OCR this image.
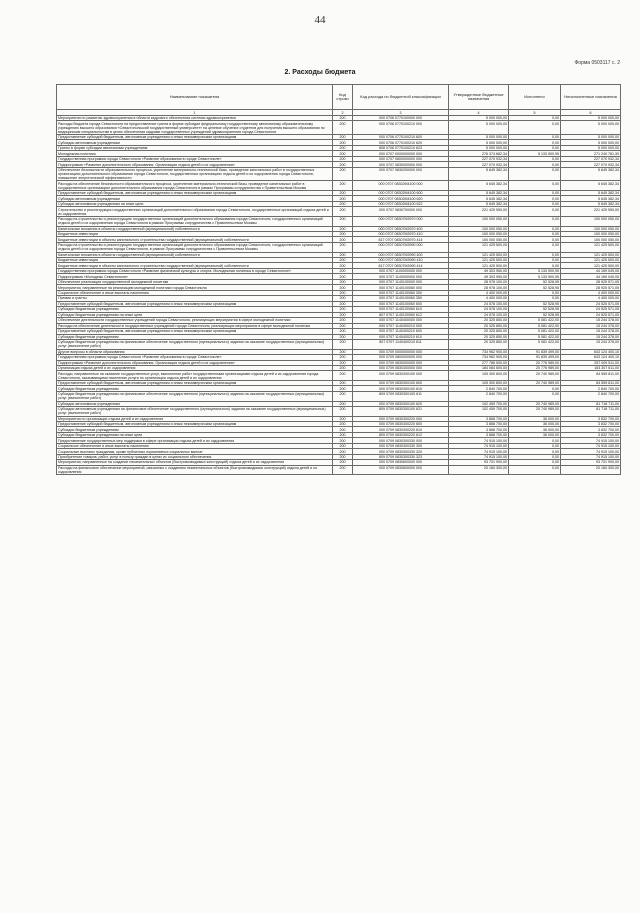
44
Форма 0503117 с. 2
2. Расходы бюджета
Наименование показателя	Код строки	Код расхода по бюджетной классификации	Утвержденные бюджетные назначения	Исполнено	Неисполненные назначения
1	2	3	4	5	6
Мероприятия по развитию здравоохранения в области кадрового обеспечения системы здравоохранения	200	000 0706 0770100000 000	5 000 000,00	0,00	5 000 000,00
Расходы бюджета города Севастополя на предоставление гранта в форме субсидии федеральному государственному автономному образовательному учреждению высшего образования «Севастопольский государственный университет» на целевое обучение студентов для получения высшего образования по медицинским специальностям в целях обеспечения кадрами государственных учреждений здравоохранения города Севастополя	200	000 0706 0770100210 000	5 000 000,00	0,00	5 000 000,00
Предоставление субсидий бюджетным, автономным учреждениям и иным некоммерческим организациям	200	000 0706 0770100210 600	5 000 000,00	0,00	5 000 000,00
Субсидии автономным учреждениям	200	000 0706 0770100210 620	5 000 000,00	0,00	5 000 000,00
Гранты в форме субсидии автономным учреждениям	200	808 0706 0770100210 623	5 000 000,00	0,00	5 000 000,00
Молодежная политика	200	000 0707 0000000000 000	276 374 682,34	5 133 900,95	271 240 781,39
Государственная программа города Севастополя «Развитие образования в городе Севастополе»	200	000 0707 0800000000 000	227 070 932,34	0,00	227 070 932,34
Подпрограмма «Развитие дополнительного образования. Организация отдыха детей и их оздоровления»	200	000 0707 0830000000 000	227 070 932,34	0,00	227 070 932,34
Обеспечение безопасности образовательного процесса, укрепление материально-технической базы, проведение капитальных работ в государственных организациях дополнительного образования города Севастополя, государственных организациях отдыха детей и их оздоровления города Севастополя, повышение энергетической эффективности	200	000 0707 0830200000 000	5 645 382,34	0,00	5 645 382,34
Расходы на обеспечение безопасности образовательного процесса, укрепление материально-технической базы, проведение капитальных работ в государственных организациях дополнительного образования города Севастополя в рамках Программы сотрудничества с Правительством Москвы	200	000 0707 08302М4100 000	5 645 382,34	0,00	5 645 382,34
Предоставление субсидий бюджетным, автономным учреждениям и иным некоммерческим организациям	200	000 0707 08302М4100 600	5 645 382,34	0,00	5 645 382,34
Субсидии автономным учреждениям	200	000 0707 08302М4100 620	5 645 382,34	0,00	5 645 382,34
Субсидии автономным учреждениям на иные цели	200	000 0707 08302М4100 622	5 645 382,34	0,00	5 645 382,34
Строительство и реконструкция государственных организаций дополнительного образования города Севастополя, государственных организаций отдыха детей и их оздоровления	200	000 0707 0830700000 000	221 425 550,00	0,00	221 425 550,00
Расходы на строительство и реконструкцию государственных организаций дополнительного образования города Севастополя, государственных организаций отдыха детей и их оздоровления города Севастополя в рамках Программы сотрудничества с Правительством Москвы	200	000 0707 08307М3970 000	100 000 050,00	0,00	100 000 050,00
Капитальные вложения в объекты государственной (муниципальной) собственности	200	000 0707 08307М3970 400	100 000 050,00	0,00	100 000 050,00
Бюджетные инвестиции	200	000 0707 08307М3970 410	100 000 050,00	0,00	100 000 050,00
Бюджетные инвестиции в объекты капитального строительства государственной (муниципальной) собственности	200	817 0707 08307М3970 414	100 000 050,00	0,00	100 000 050,00
Расходы на строительство и реконструкцию государственных организаций дополнительного образования города Севастополя, государственных организаций отдыха детей и их оздоровления города Севастополя, в рамках Программы сотрудничества с Правительством Москвы	200	000 0707 08307М3990 000	121 425 500,00	0,00	121 425 500,00
Капитальные вложения в объекты государственной (муниципальной) собственности	200	000 0707 08307М3990 400	121 425 500,00	0,00	121 425 500,00
Бюджетные инвестиции	200	000 0707 08307М3990 410	121 425 500,00	0,00	121 425 500,00
Бюджетные инвестиции в объекты капитального строительства государственной (муниципальной) собственности	200	817 0707 08307М3990 414	121 425 500,00	0,00	121 425 500,00
Государственная программа города Севастополя «Развитие физической культуры и спорта. Молодежная политика в городе Севастополе»	200	000 0707 1100000000 000	49 303 950,00	5 133 900,95	44 169 049,05
Подпрограмма «Молодежь Севастополя»	200	000 0707 1140000000 000	49 303 950,00	5 133 900,95	44 169 049,05
Обеспечение реализации государственной молодежной политики	200	000 0707 1140100000 000	28 978 100,00	52 528,95	28 925 571,05
Мероприятия, направленные на реализацию молодежной политики города Севастополя	200	000 0707 1140100060 000	28 978 100,00	52 528,95	28 925 571,05
Социальное обеспечение и иные выплаты населению	200	000 0707 1140100060 300	4 400 000,00	0,00	4 400 000,00
Премии и гранты	200	000 0707 1140100060 350	4 400 000,00	0,00	4 400 000,00
Предоставление субсидий бюджетным, автономным учреждениям и иным некоммерческим организациям	200	000 0707 1140100060 600	24 578 100,00	52 528,95	24 525 571,05
Субсидии бюджетным учреждениям	200	000 0707 1140100060 610	24 578 100,00	52 528,95	24 525 571,05
Субсидии бюджетным учреждениям на иные цели	200	807 0707 1140100060 612	24 578 100,00	52 528,95	24 525 571,05
Обеспечение деятельности государственных учреждений города Севастополя, реализующих мероприятия в сфере молодежной политики	200	000 0707 1140400000 000	20 325 850,00	5 081 422,00	15 244 378,00
Расходы на обеспечение деятельности государственных учреждений города Севастополя, реализующих мероприятия в сфере молодежной политики	200	000 0707 1140400210 000	20 325 850,00	5 081 422,00	15 244 378,00
Предоставление субсидий бюджетным, автономным учреждениям и иным некоммерческим организациям	200	000 0707 1140400210 600	20 325 850,00	5 081 422,00	15 244 378,00
Субсидии бюджетным учреждениям	200	000 0707 1140400210 610	20 325 850,00	5 081 422,00	15 244 378,00
Субсидии бюджетным учреждениям на финансовое обеспечение государственного (муниципального) задания на оказание государственных (муниципальных) услуг (выполнение работ)	200	807 0707 1140400210 611	20 325 850,00	5 081 422,00	15 244 378,00
Другие вопросы в области образования	200	000 0709 0000000000 000	734 962 900,00	91 839 499,00	643 124 400,10
Государственная программа города Севастополя «Развитие образования в городе Севастополе»	200	000 0709 0800000000 000	734 962 900,00	91 839 499,00	643 124 400,10
Подпрограмма «Развитие дополнительного образования. Организация отдыха детей и их оздоровления»	200	000 0709 0830000000 000	277 786 500,00	20 776 989,00	257 009 511,00
Организация отдыха детей и их оздоровления	200	000 0709 0830300000 000	184 084 600,00	20 776 989,00	163 307 611,00
Расходы, направленные на оказание государственных услуг, выполнение работ государственными организациями отдыха детей и их оздоровления города Севастополя, оказывающими населению услуги по организации отдыха детей и их оздоровления	200	000 0709 0830300100 000	105 300 800,00	20 740 989,00	84 559 811,00
Предоставление субсидий бюджетным, автономным учреждениям и иным некоммерческим организациям	200	000 0709 0830300100 600	105 300 800,00	20 740 989,00	84 559 811,00
Субсидии бюджетным учреждениям	200	000 0709 0830300100 610	2 840 700,00	0,00	2 840 700,00
Субсидии бюджетным учреждениям на финансовое обеспечение государственного (муниципального) задания на оказание государственных (муниципальных) услуг (выполнение работ)	200	809 0709 0830300100 611	2 840 700,00	0,00	2 840 700,00
Субсидии автономным учреждениям	200	000 0709 0830300100 620	102 459 700,00	20 740 989,00	81 718 711,00
Субсидии автономным учреждениям на финансовое обеспечение государственного (муниципального) задания на оказание государственных (муниципальных) услуг (выполнение работ)	200	809 0709 0830300100 621	102 459 700,00	20 740 989,00	81 718 711,00
Мероприятия по организации отдыха детей и их оздоровления	200	000 0709 0830300220 000	3 868 700,00	36 000,00	3 832 700,00
Предоставление субсидий бюджетным, автономным учреждениям и иным некоммерческим организациям	200	000 0709 0830300220 600	3 868 700,00	36 000,00	3 832 700,00
Субсидии бюджетным учреждениям	200	000 0709 0830300220 610	3 868 700,00	36 000,00	3 832 700,00
Субсидии бюджетным учреждениям на иные цели	200	809 0709 0830300220 612	3 868 700,00	36 000,00	3 832 700,00
Предоставление государственных мер поддержки в сфере организации отдыха детей и их оздоровления	200	000 0709 0830300330 000	74 915 100,00	0,00	74 915 100,00
Социальное обеспечение и иные выплаты населению	200	000 0709 0830300330 300	74 915 100,00	0,00	74 915 100,00
Социальные выплаты гражданам, кроме публичных нормативных социальных выплат	200	000 0709 0830300330 320	74 915 100,00	0,00	74 915 100,00
Приобретение товаров, работ, услуг в пользу граждан в целях их социального обеспечения	200	809 0709 0830300330 323	74 915 100,00	0,00	74 915 100,00
Мероприятия, направленные на создание некапитальных объектов (быстровозводимых конструкций) отдыха детей и их оздоровления	200	000 0709 0830600000 000	93 701 900,00	0,00	93 701 900,00
Расходы на финансовое обеспечение мероприятий, связанных с созданием некапитальных объектов (быстровозводимых конструкций) отдыха детей и их оздоровления	200	000 0709 0830600000 000	20 160 300,00	0,00	20 160 300,00
